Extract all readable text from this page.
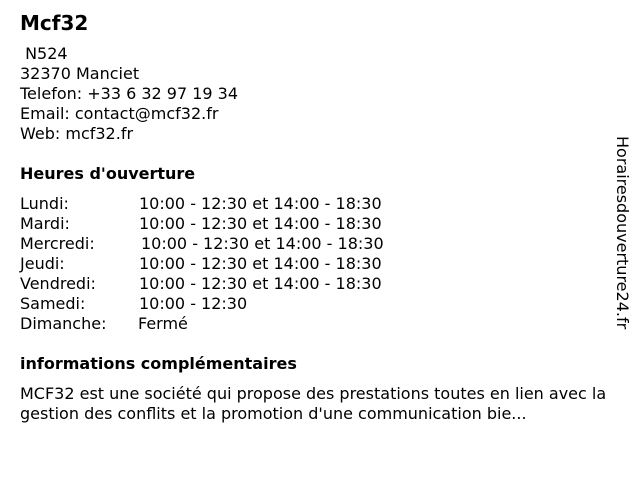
Mcf32
N524
32370 Manciet
Telefon: +33 6 32 97 19 34
Email: contact@mcf32.fr
Web: mcf32.fr
Heures d'ouverture
Lundi:	10:00 - 12:30 et 14:00 - 18:30
Mardi:	10:00 - 12:30 et 14:00 - 18:30
Mercredi:	10:00 - 12:30 et 14:00 - 18:30
Jeudi:	10:00 - 12:30 et 14:00 - 18:30
Vendredi:	10:00 - 12:30 et 14:00 - 18:30
Samedi:	10:00 - 12:30
Dimanche: Fermé
informations complémentaires
MCF32 est une société qui propose des prestations toutes en lien avec la gestion des conflits et la promotion d'une communication bie...
Horairesdouverture24.fr
